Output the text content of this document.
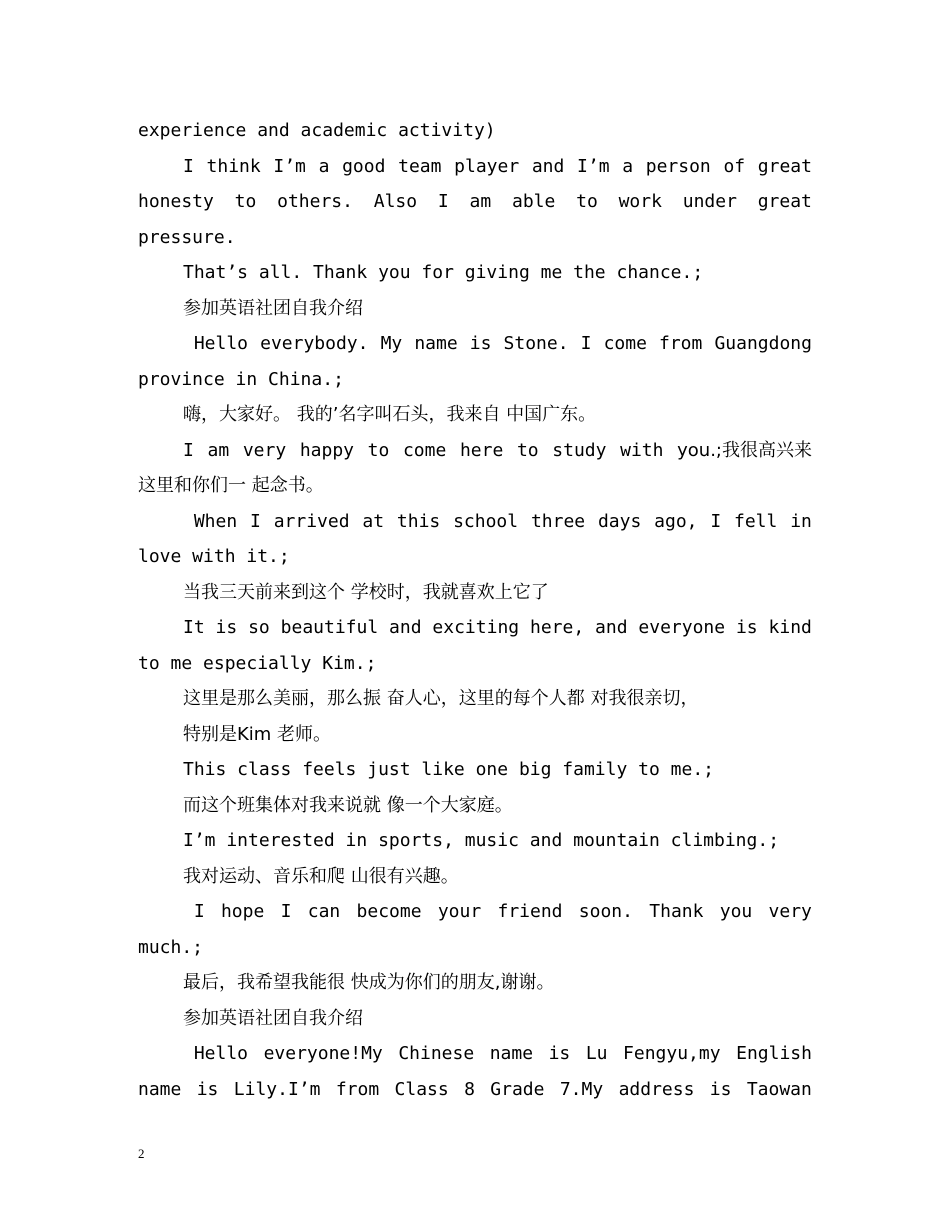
experience and academic activity)
I think I’m a good team player and I’m a person of great
honesty to others. Also I am able to work under great
pressure.
That’s all. Thank you for giving me the chance.;
参加英语社团自我介绍
Hello everybody. My name is Stone. I come from Guangdong
province in China.;
嗨，大家好。 我的’名字叫石头，我来自 中国广东。
I am very happy to come here to study with you.;我很高兴来
这里和你们一 起念书。
When I arrived at this school three days ago, I fell in
love with it.;
当我三天前来到这个 学校时，我就喜欢上它了
It is so beautiful and exciting here, and everyone is kind
to me especially Kim.;
这里是那么美丽，那么振 奋人心，这里的每个人都 对我很亲切，
特别是Kim 老师。
This class feels just like one big family to me.;
而这个班集体对我来说就 像一个大家庭。
I’m interested in sports, music and mountain climbing.;
我对运动、音乐和爬 山很有兴趣。
I hope I can become your friend soon. Thank you very
much.;
最后，我希望我能很 快成为你们的朋友,谢谢。
参加英语社团自我介绍
Hello everyone!My Chinese name is Lu Fengyu,my English
name is Lily.I’m from Class 8 Grade 7.My address is Taowan
2
